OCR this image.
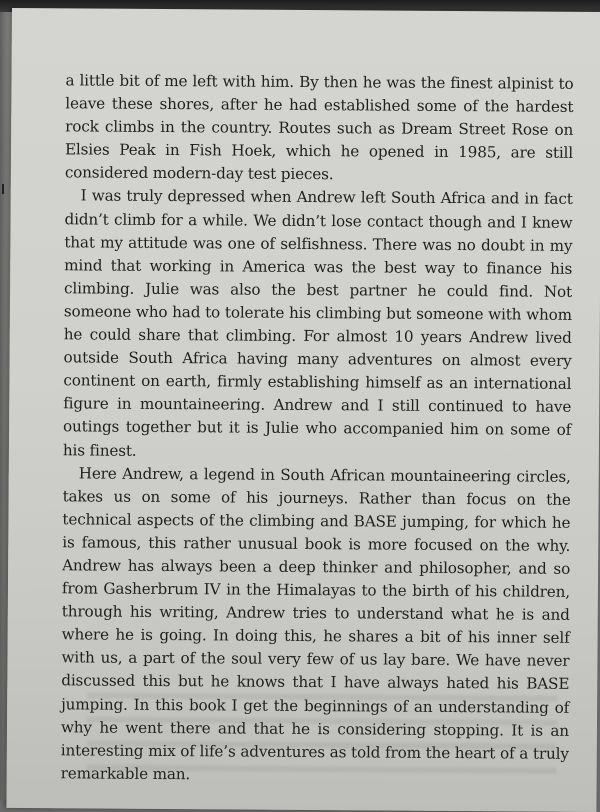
a little bit of me left with him. By then he was the finest alpinist to leave these shores, after he had established some of the hardest rock climbs in the country. Routes such as Dream Street Rose on Elsies Peak in Fish Hoek, which he opened in 1985, are still considered modern-day test pieces.

I was truly depressed when Andrew left South Africa and in fact didn’t climb for a while. We didn’t lose contact though and I knew that my attitude was one of selfishness. There was no doubt in my mind that working in America was the best way to finance his climbing. Julie was also the best partner he could find. Not someone who had to tolerate his climbing but someone with whom he could share that climbing. For almost 10 years Andrew lived outside South Africa having many adventures on almost every continent on earth, firmly establishing himself as an international figure in mountaineering. Andrew and I still continued to have outings together but it is Julie who accompanied him on some of his finest.

Here Andrew, a legend in South African mountaineering circles, takes us on some of his journeys. Rather than focus on the technical aspects of the climbing and BASE jumping, for which he is famous, this rather unusual book is more focused on the why. Andrew has always been a deep thinker and philosopher, and so from Gasherbrum IV in the Himalayas to the birth of his children, through his writing, Andrew tries to understand what he is and where he is going. In doing this, he shares a bit of his inner self with us, a part of the soul very few of us lay bare. We have never discussed this but he knows that I have always hated his BASE jumping. In this book I get the beginnings of an understanding of why he went there and that he is considering stopping. It is an interesting mix of life’s adventures as told from the heart of a truly remarkable man.
